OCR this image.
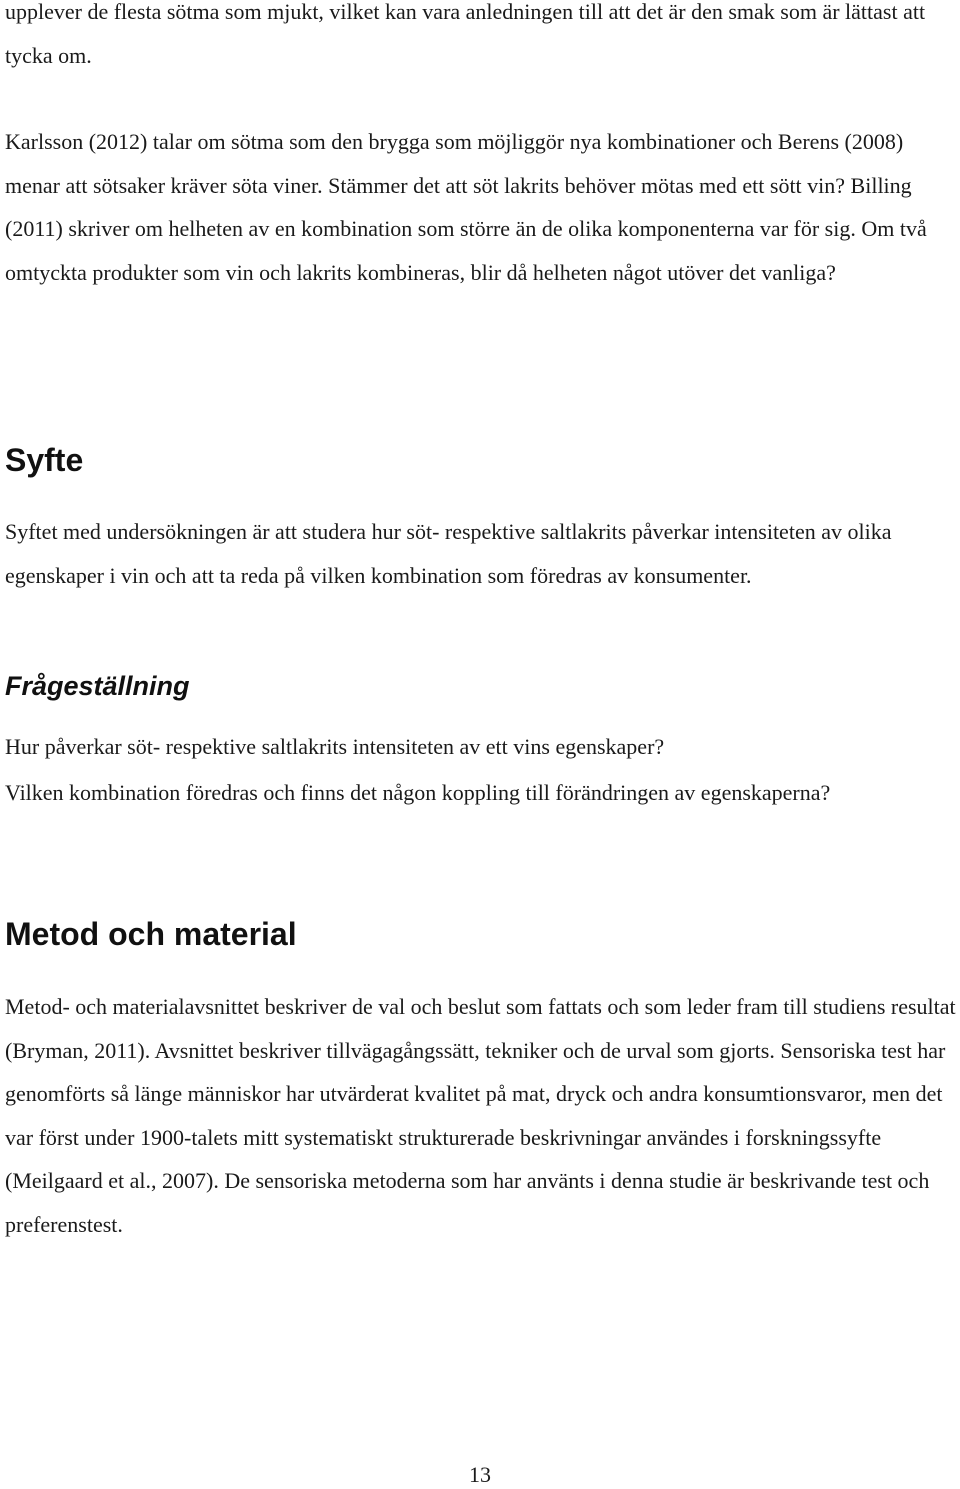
upplever de flesta sötma som mjukt, vilket kan vara anledningen till att det är den smak som är lättast att tycka om.

Karlsson (2012) talar om sötma som den brygga som möjliggör nya kombinationer och Berens (2008) menar att sötsaker kräver söta viner. Stämmer det att söt lakrits behöver mötas med ett sött vin? Billing (2011) skriver om helheten av en kombination som större än de olika komponenterna var för sig. Om två omtyckta produkter som vin och lakrits kombineras, blir då helheten något utöver det vanliga?

Syfte

Syftet med undersökningen är att studera hur söt- respektive saltlakrits påverkar intensiteten av olika egenskaper i vin och att ta reda på vilken kombination som föredras av konsumenter.

Frågeställning

Hur påverkar söt- respektive saltlakrits intensiteten av ett vins egenskaper?

Vilken kombination föredras och finns det någon koppling till förändringen av egenskaperna?

Metod och material

Metod- och materialavsnittet beskriver de val och beslut som fattats och som leder fram till studiens resultat (Bryman, 2011). Avsnittet beskriver tillvägagångssätt, tekniker och de urval som gjorts. Sensoriska test har genomförts så länge människor har utvärderat kvalitet på mat, dryck och andra konsumtionsvaror, men det var först under 1900-talets mitt systematiskt strukturerade beskrivningar användes i forskningssyfte (Meilgaard et al., 2007). De sensoriska metoderna som har använts i denna studie är beskrivande test och preferenstest.

13
